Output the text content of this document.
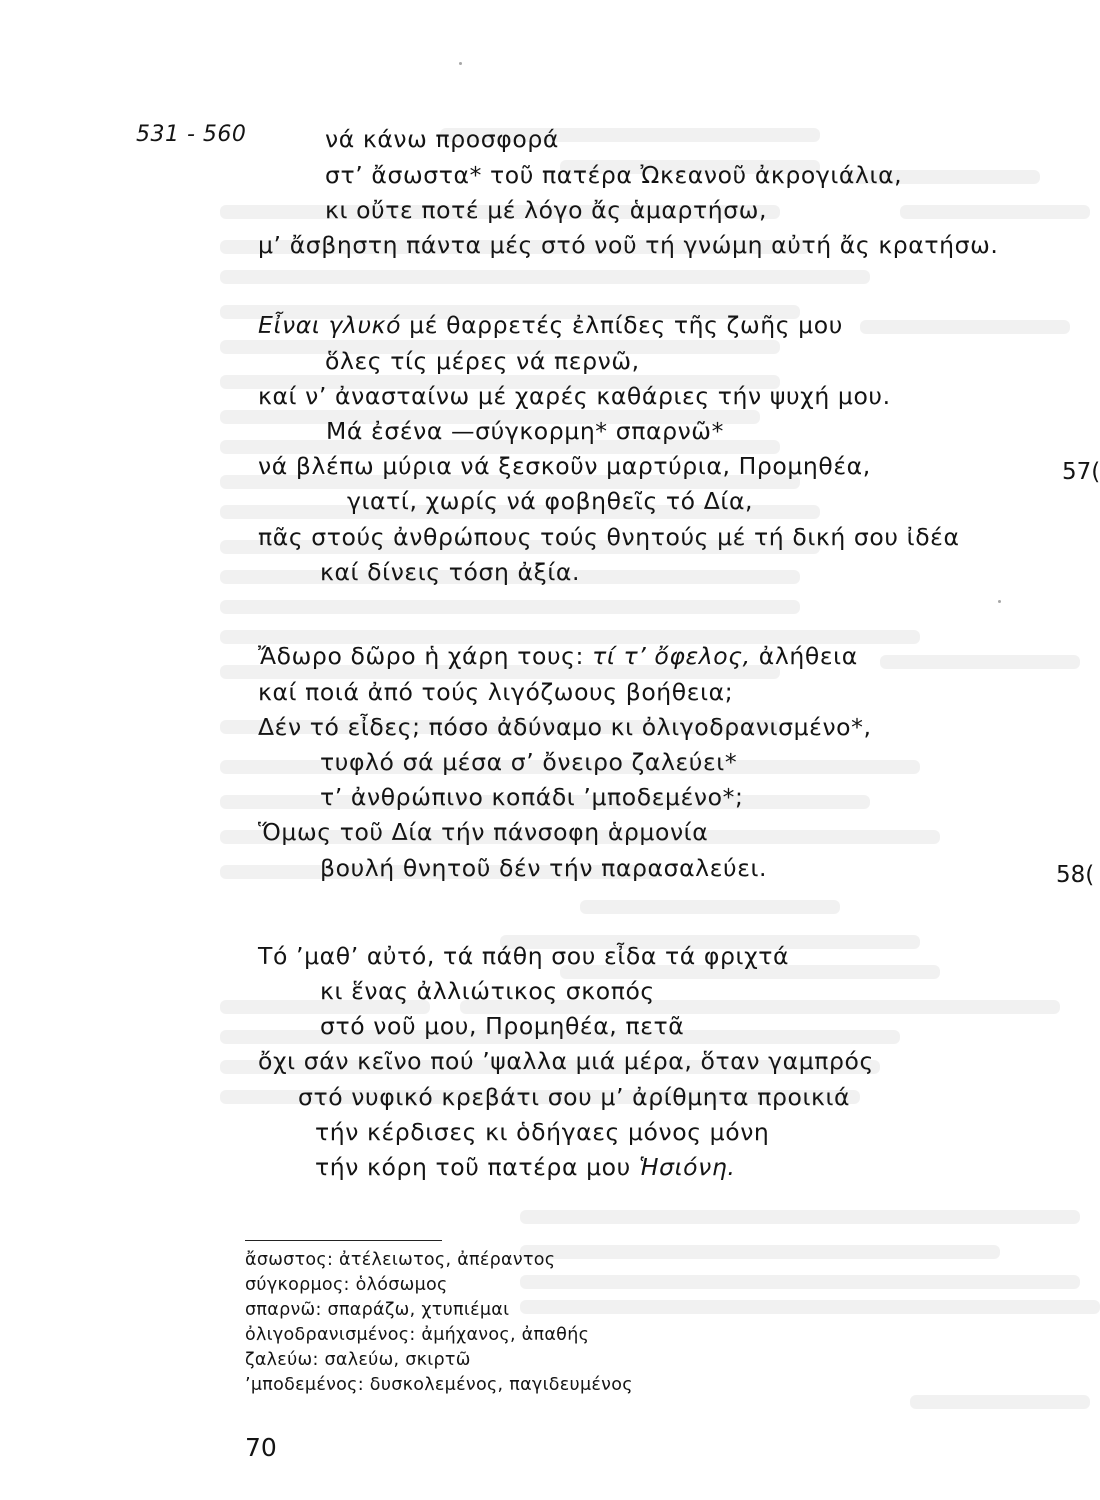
531 - 560	νά κάνω προσφορά
στ’ ἄσωστα* τοῦ πατέρα Ὠκεανοῦ ἀκρογιάλια,
κι οὔτε ποτέ μέ λόγο ἄς ἁμαρτήσω,
μ’ ἄσβηστη πάντα μές στό νοῦ τή γνώμη αὐτή ἄς κρατήσω.
Εἶναι γλυκό μέ θαρρετές ἐλπίδες τῆς ζωῆς μου
ὅλες τίς μέρες νά περνῶ,
καί ν’ ἀνασταίνω μέ χαρές καθάριες τήν ψυχή μου.
Μά ἐσένα —σύγκορμη* σπαρνῶ*
νά βλέπω μύρια νά ξεσκοῦν μαρτύρια, Προμηθέα,
γιατί, χωρίς νά φοβηθεῖς τό Δία,
πᾶς στούς ἀνθρώπους τούς θνητούς μέ τή δική σου ἰδέα
καί δίνεις τόση ἀξία.
Ἄδωρο δῶρο ἡ χάρη τους: τί τ’ ὄφελος, ἀλήθεια
καί ποιά ἀπό τούς λιγόζωους βοήθεια;
Δέν τό εἶδες; πόσο ἀδύναμο κι ὀλιγοδρανισμένο*,
τυφλό σά μέσα σ’ ὄνειρο ζαλεύει*
τ’ ἀνθρώπινο κοπάδι ’μποδεμένο*;
Ὅμως τοῦ Δία τήν πάνσοφη ἁρμονία
βουλή θνητοῦ δέν τήν παρασαλεύει.
Τό ’μαθ’ αὐτό, τά πάθη σου εἶδα τά φριχτά
κι ἕνας ἀλλιώτικος σκοπός
στό νοῦ μου, Προμηθέα, πετᾶ
ὄχι σάν κεῖνο πού ’ψαλλα μιά μέρα, ὅταν γαμπρός
στό νυφικό κρεβάτι σου μ’ ἀρίθμητα προικιά
τήν κέρδισες κι ὁδήγαες μόνος μόνη
τήν κόρη τοῦ πατέρα μου Ἡσιόνη.
57(
58(
ἄσωστος: ἀτέλειωτος, ἀπέραντος
σύγκορμος: ὁλόσωμος
σπαρνῶ: σπαράζω, χτυπιέμαι
ὀλιγοδρανισμένος: ἀμήχανος, ἀπαθής
ζαλεύω: σαλεύω, σκιρτῶ
’μποδεμένος: δυσκολεμένος, παγιδευμένος
70
